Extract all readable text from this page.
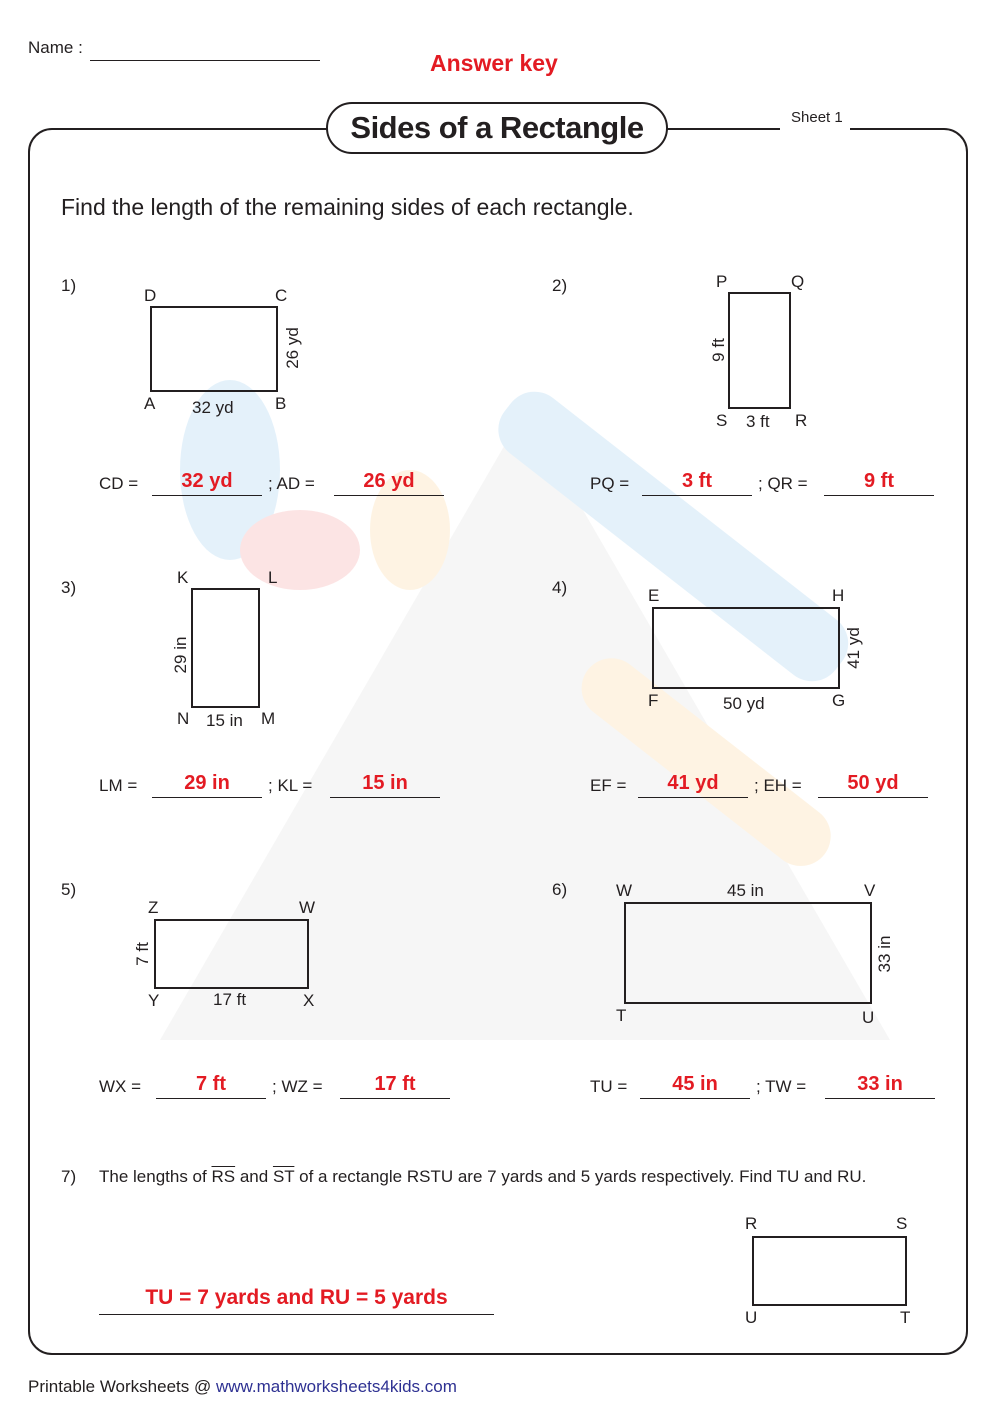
Name :
Answer key
Sides of a Rectangle	Sheet 1
Find the length of the remaining sides of each rectangle.
1)
D	C
A	B
32 yd
26 yd
CD =	32 yd	; AD =	26 yd
2)	P	Q
S	R
3 ft
9 ft
PQ =	3 ft	; QR =	9 ft
3)
K	L
N	M
15 in
29 in
LM =	29 in	; KL =	15 in
4)	E	H
F	G
50 yd
41 yd
EF =	41 yd	; EH =	50 yd
5)
Z	W
Y	X
17 ft
7 ft
WX =	7 ft	; WZ =	17 ft
6)	W	V
T	U
45 in
33 in
TU =	45 in	; TW =	33 in
7) The lengths of $\overline{RS}$ and $\overline{ST}$ of a rectangle RSTU are 7 yards and 5 yards respectively. Find TU and RU.
TU = 7 yards and RU = 5 yards
R	S
U	T
Printable Worksheets @ www.mathworksheets4kids.com
